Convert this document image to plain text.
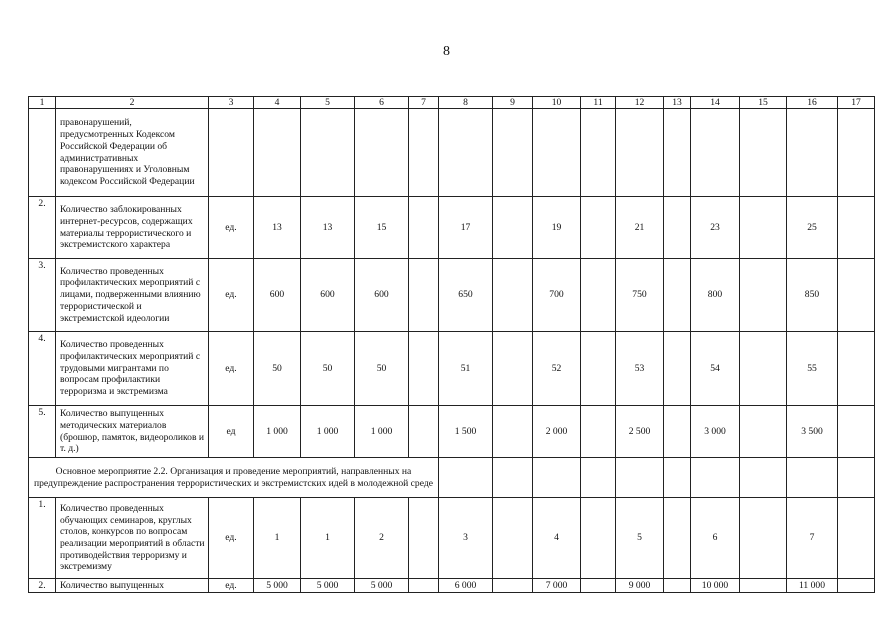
8
1	2	3	4	5	6	7	8	9	10	11	12	13	14	15	16	17
	правонарушений, предусмотренных Кодексом Российской Федерации об административных правонарушениях и Уголовным кодексом Российской Федерации															
2.	Количество заблокированных интернет-ресурсов, содержащих материалы террористического и экстремистского характера	ед.	13	13	15		17		19		21		23		25	
3.	Количество проведенных профилактических мероприятий с лицами, подверженными влиянию террористической и экстремистской идеологии	ед.	600	600	600		650		700		750		800		850	
4.	Количество проведенных профилактических мероприятий с трудовыми мигрантами по вопросам профилактики терроризма и экстремизма	ед.	50	50	50		51		52		53		54		55	
5.	Количество выпущенных методических материалов (брошюр, памяток, видеороликов и т. д.)	ед	1 000	1 000	1 000		1 500		2 000		2 500		3 000		3 500	
Основное мероприятие 2.2. Организация и проведение мероприятий, направленных на предупреждение распространения террористических и экстремистских идей в молодежной среде																
1.	Количество проведенных обучающих семинаров, круглых столов, конкурсов по вопросам реализации мероприятий в области противодействия терроризму и экстремизму	ед.	1	1	2		3		4		5		6		7	
2.	Количество выпущенных	ед.	5 000	5 000	5 000		6 000		7 000		9 000		10 000		11 000	
